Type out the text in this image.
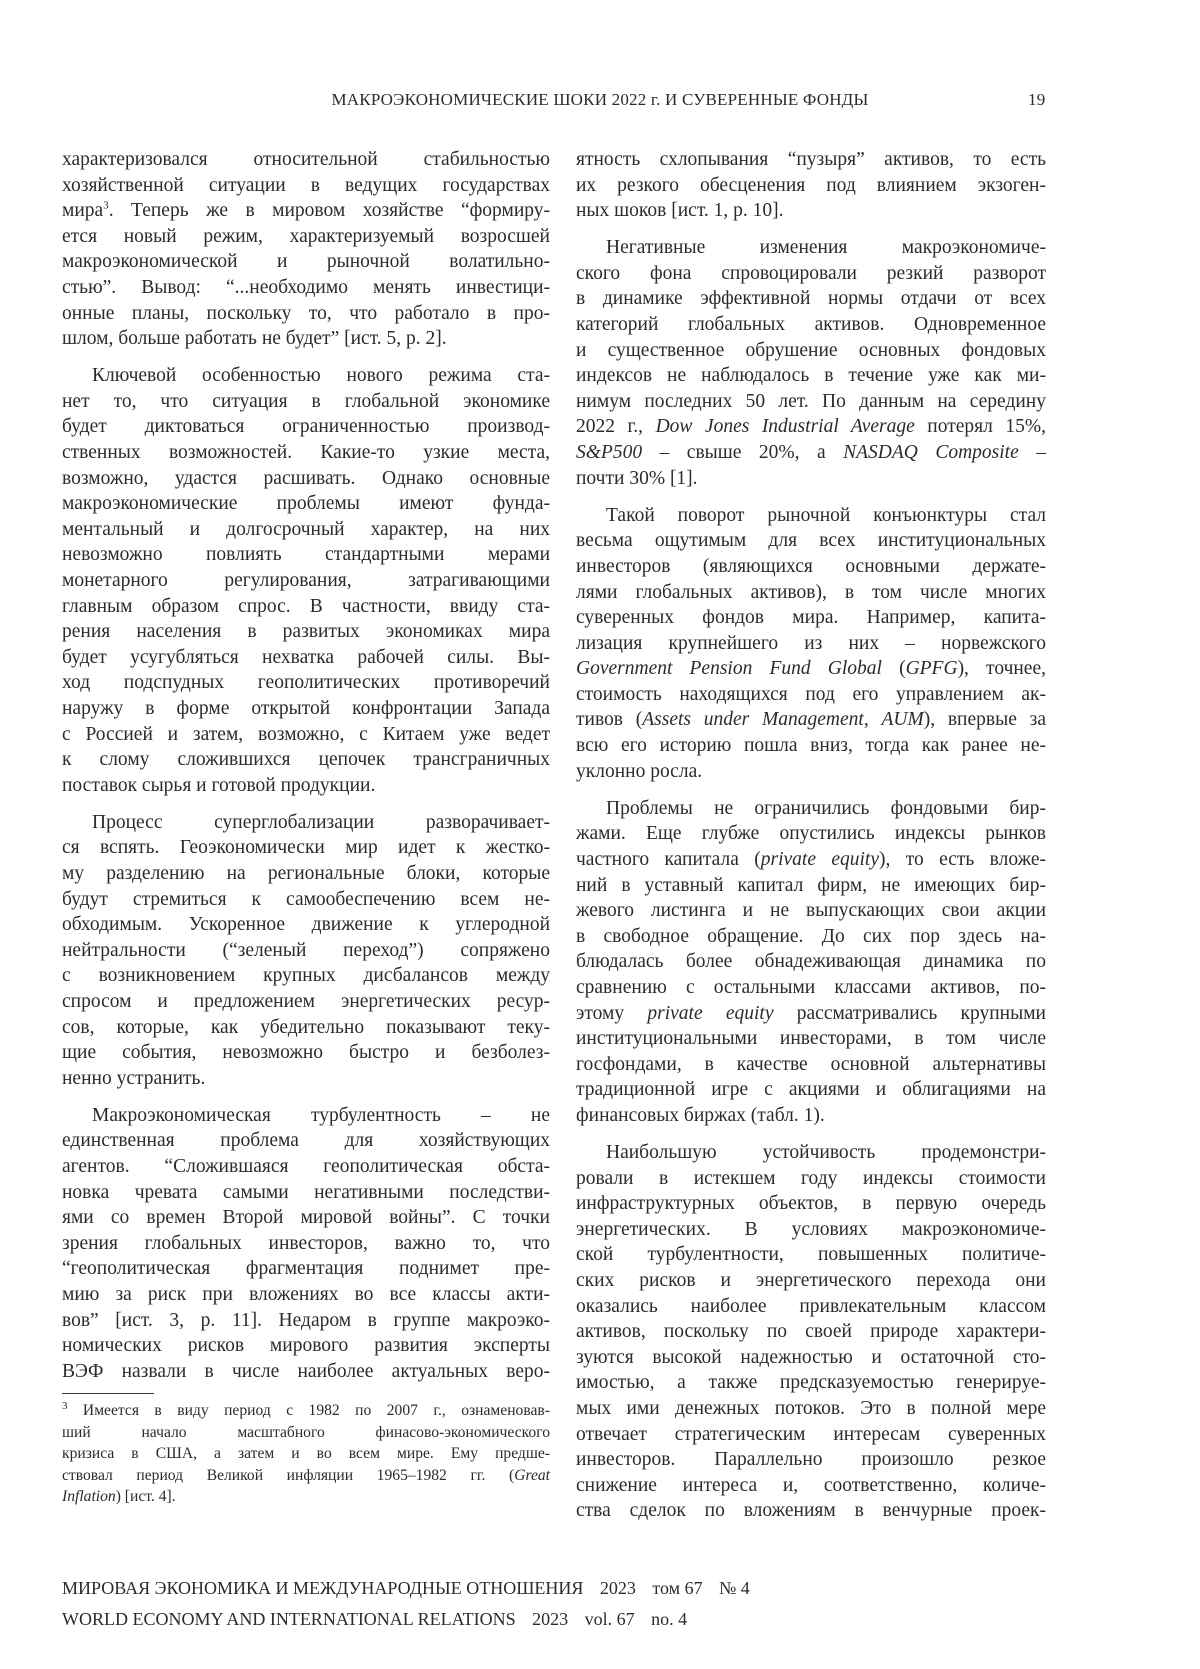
МАКРОЭКОНОМИЧЕСКИЕ ШОКИ 2022 г. И СУВЕРЕННЫЕ ФОНДЫ	19
характеризовался относительной стабильностью
хозяйственной ситуации в ведущих государствах
мира3. Теперь же в мировом хозяйстве “формиру-
ется новый режим, характеризуемый возросшей
макроэкономической и рыночной волатильно-
стью”. Вывод: “...необходимо менять инвестици-
онные планы, поскольку то, что работало в про-
шлом, больше работать не будет” [ист. 5, p. 2].
Ключевой особенностью нового режима ста-
нет то, что ситуация в глобальной экономике
будет диктоваться ограниченностью производ-
ственных возможностей. Какие-то узкие места,
возможно, удастся расшивать. Однако основные
макроэкономические проблемы имеют фунда-
ментальный и долгосрочный характер, на них
невозможно повлиять стандартными мерами
монетарного регулирования, затрагивающими
главным образом спрос. В частности, ввиду ста-
рения населения в развитых экономиках мира
будет усугубляться нехватка рабочей силы. Вы-
ход подспудных геополитических противоречий
наружу в форме открытой конфронтации Запада
с Россией и затем, возможно, с Китаем уже ведет
к слому сложившихся цепочек трансграничных
поставок сырья и готовой продукции.
Процесс суперглобализации разворачивает-
ся вспять. Геоэкономически мир идет к жестко-
му разделению на региональные блоки, которые
будут стремиться к самообеспечению всем не-
обходимым. Ускоренное движение к углеродной
нейтральности (“зеленый переход”) сопряжено
с возникновением крупных дисбалансов между
спросом и предложением энергетических ресур-
сов, которые, как убедительно показывают теку-
щие события, невозможно быстро и безболез-
ненно устранить.
Макроэкономическая турбулентность – не
единственная проблема для хозяйствующих
агентов. “Сложившаяся геополитическая обста-
новка чревата самыми негативными последстви-
ями со времен Второй мировой войны”. С точки
зрения глобальных инвесторов, важно то, что
“геополитическая фрагментация поднимет пре-
мию за риск при вложениях во все классы акти-
вов” [ист. 3, p. 11]. Недаром в группе макроэко-
номических рисков мирового развития эксперты
ВЭФ назвали в числе наиболее актуальных веро-
ятность схлопывания “пузыря” активов, то есть
их резкого обесценения под влиянием экзоген-
ных шоков [ист. 1, p. 10].
Негативные изменения макроэкономиче-
ского фона спровоцировали резкий разворот
в динамике эффективной нормы отдачи от всех
категорий глобальных активов. Одновременное
и существенное обрушение основных фондовых
индексов не наблюдалось в течение уже как ми-
нимум последних 50 лет. По данным на середину
2022 г., Dow Jones Industrial Average потерял 15%,
S&P500 – свыше 20%, а NASDAQ Composite –
почти 30% [1].
Такой поворот рыночной конъюнктуры стал
весьма ощутимым для всех институциональных
инвесторов (являющихся основными держате-
лями глобальных активов), в том числе многих
суверенных фондов мира. Например, капита-
лизация крупнейшего из них – норвежского
Government Pension Fund Global (GPFG), точнее,
стоимость находящихся под его управлением ак-
тивов (Assets under Management, AUM), впервые за
всю его историю пошла вниз, тогда как ранее не-
уклонно росла.
Проблемы не ограничились фондовыми бир-
жами. Еще глубже опустились индексы рынков
частного капитала (private equity), то есть вложе-
ний в уставный капитал фирм, не имеющих бир-
жевого листинга и не выпускающих свои акции
в свободное обращение. До сих пор здесь на-
блюдалась более обнадеживающая динамика по
сравнению с остальными классами активов, по-
этому private equity рассматривались крупными
институциональными инвесторами, в том числе
госфондами, в качестве основной альтернативы
традиционной игре с акциями и облигациями на
финансовых биржах (табл. 1).
Наибольшую устойчивость продемонстри-
ровали в истекшем году индексы стоимости
инфраструктурных объектов, в первую очередь
энергетических. В условиях макроэкономиче-
ской турбулентности, повышенных политиче-
ских рисков и энергетического перехода они
оказались наиболее привлекательным классом
активов, поскольку по своей природе характери-
зуются высокой надежностью и остаточной сто-
имостью, а также предсказуемостью генерируе-
мых ими денежных потоков. Это в полной мере
отвечает стратегическим интересам суверенных
инвесторов. Параллельно произошло резкое
снижение интереса и, соответственно, количе-
ства сделок по вложениям в венчурные проек-
3 Имеется в виду период с 1982 по 2007 г., ознаменовав-
ший начало масштабного финасово-экономического
кризиса в США, а затем и во всем мире. Ему предше-
ствовал период Великой инфляции 1965–1982 гг. (Great
Inflation) [ист. 4].
МИРОВАЯ ЭКОНОМИКА И МЕЖДУНАРОДНЫЕ ОТНОШЕНИЯ 2023 том 67 № 4
WORLD ECONOMY AND INTERNATIONAL RELATIONS 2023 vol. 67 no. 4
